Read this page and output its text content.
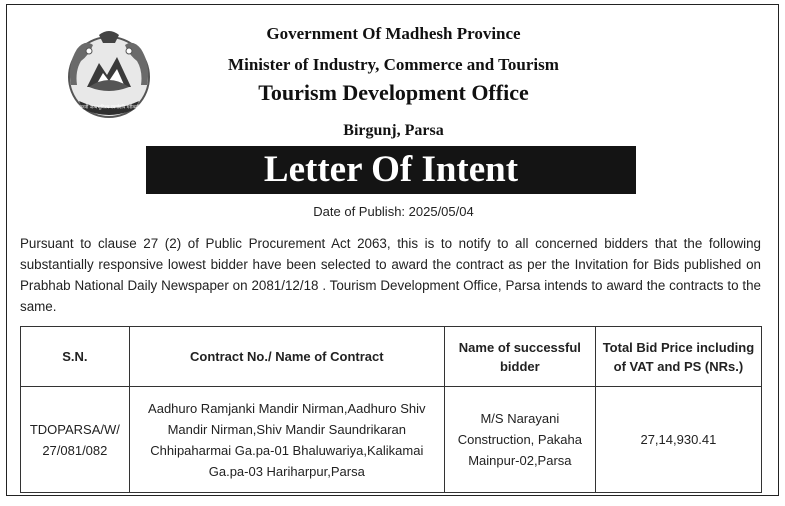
जननी जन्मभूमिश्च स्वर्गादपि गरीयसी
Government Of Madhesh Province
Minister of Industry, Commerce and Tourism
Tourism Development Office
Birgunj, Parsa
Letter Of Intent
Date of Publish: 2025/05/04
Pursuant to clause 27 (2) of Public Procurement Act 2063, this is to notify to all concerned bidders that the following substantially responsive lowest bidder have been selected to award the contract as per the Invitation for Bids published on Prabhab National Daily Newspaper on 2081/12/18 . Tourism Development Office, Parsa intends to award the contracts to the same.
S.N.	Contract No./ Name of Contract	Name of successful bidder	Total Bid Price including of VAT and PS (NRs.)
TDOPARSA/W/ 27/081/082	Aadhuro Ramjanki Mandir Nirman,Aadhuro Shiv Mandir Nirman,Shiv Mandir Saundrikaran Chhipaharmai Ga.pa-01 Bhaluwariya,Kalikamai Ga.pa-03 Hariharpur,Parsa	M/S Narayani Construction, Pakaha Mainpur-02,Parsa	27,14,930.41
